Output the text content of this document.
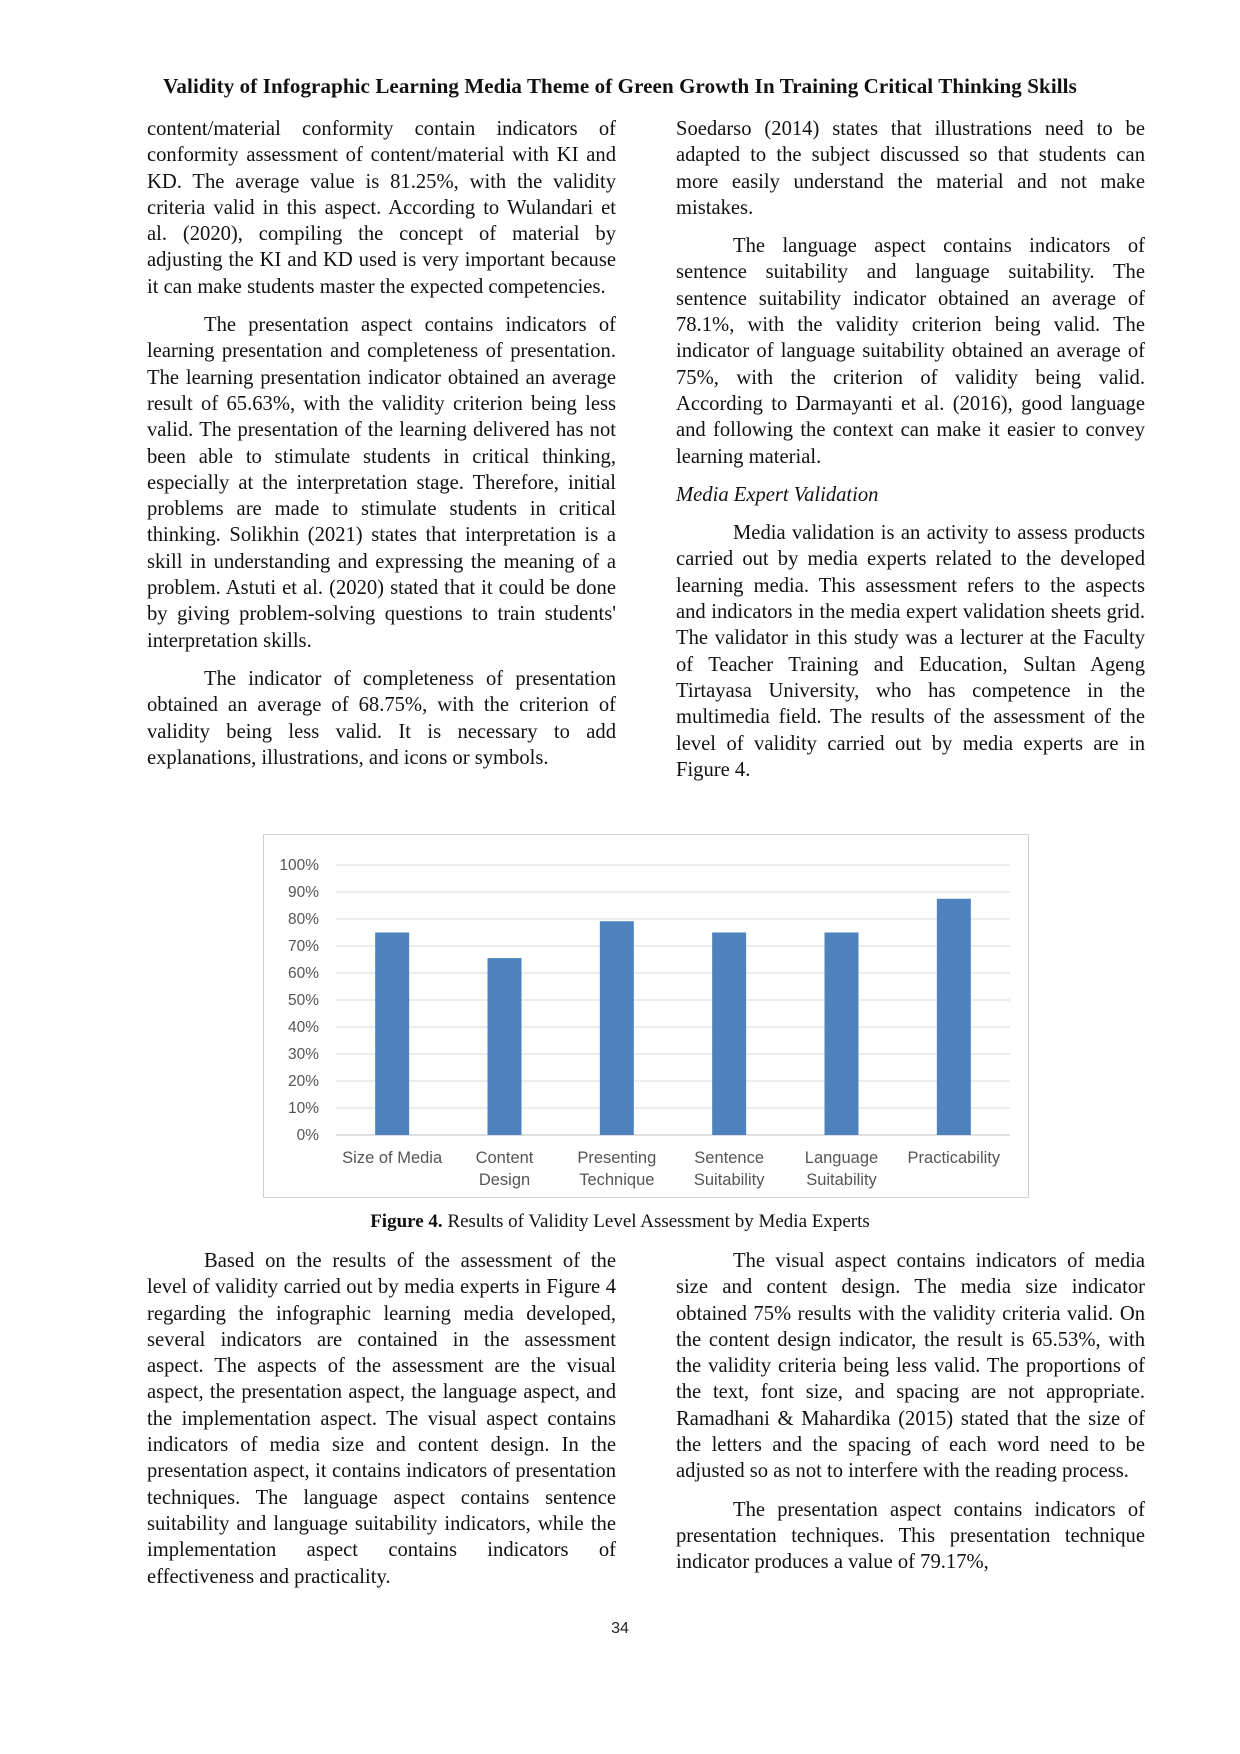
Validity of Infographic Learning Media Theme of Green Growth In Training Critical Thinking Skills

content/material conformity contain indicators of conformity assessment of content/material with KI and KD. The average value is 81.25%, with the validity criteria valid in this aspect. According to Wulandari et al. (2020), compiling the concept of material by adjusting the KI and KD used is very important because it can make students master the expected competencies.

The presentation aspect contains indicators of learning presentation and completeness of presentation. The learning presentation indicator obtained an average result of 65.63%, with the validity criterion being less valid. The presentation of the learning delivered has not been able to stimulate students in critical thinking, especially at the interpretation stage. Therefore, initial problems are made to stimulate students in critical thinking. Solikhin (2021) states that interpretation is a skill in understanding and expressing the meaning of a problem. Astuti et al. (2020) stated that it could be done by giving problem-solving questions to train students' interpretation skills.

The indicator of completeness of presentation obtained an average of 68.75%, with the criterion of validity being less valid. It is necessary to add explanations, illustrations, and icons or symbols.

Soedarso (2014) states that illustrations need to be adapted to the subject discussed so that students can more easily understand the material and not make mistakes.

The language aspect contains indicators of sentence suitability and language suitability. The sentence suitability indicator obtained an average of 78.1%, with the validity criterion being valid. The indicator of language suitability obtained an average of 75%, with the criterion of validity being valid. According to Darmayanti et al. (2016), good language and following the context can make it easier to convey learning material.

Media Expert Validation

Media validation is an activity to assess products carried out by media experts related to the developed learning media. This assessment refers to the aspects and indicators in the media expert validation sheets grid. The validator in this study was a lecturer at the Faculty of Teacher Training and Education, Sultan Ageng Tirtayasa University, who has competence in the multimedia field. The results of the assessment of the level of validity carried out by media experts are in Figure 4.

0%
10%
20%
30%
40%
50%
60%
70%
80%
90%
100%
Size of Media Content
Design
Presenting
Technique
Sentence
Suitability
Language
Suitability
Practicability
Figure 4. Results of Validity Level Assessment by Media Experts

Based on the results of the assessment of the level of validity carried out by media experts in Figure 4 regarding the infographic learning media developed, several indicators are contained in the assessment aspect. The aspects of the assessment are the visual aspect, the presentation aspect, the language aspect, and the implementation aspect. The visual aspect contains indicators of media size and content design. In the presentation aspect, it contains indicators of presentation techniques. The language aspect contains sentence suitability and language suitability indicators, while the implementation aspect contains indicators of effectiveness and practicality.

The visual aspect contains indicators of media size and content design. The media size indicator obtained 75% results with the validity criteria valid. On the content design indicator, the result is 65.53%, with the validity criteria being less valid. The proportions of the text, font size, and spacing are not appropriate. Ramadhani & Mahardika (2015) stated that the size of the letters and the spacing of each word need to be adjusted so as not to interfere with the reading process.

The presentation aspect contains indicators of presentation techniques. This presentation technique indicator produces a value of 79.17%,

34
